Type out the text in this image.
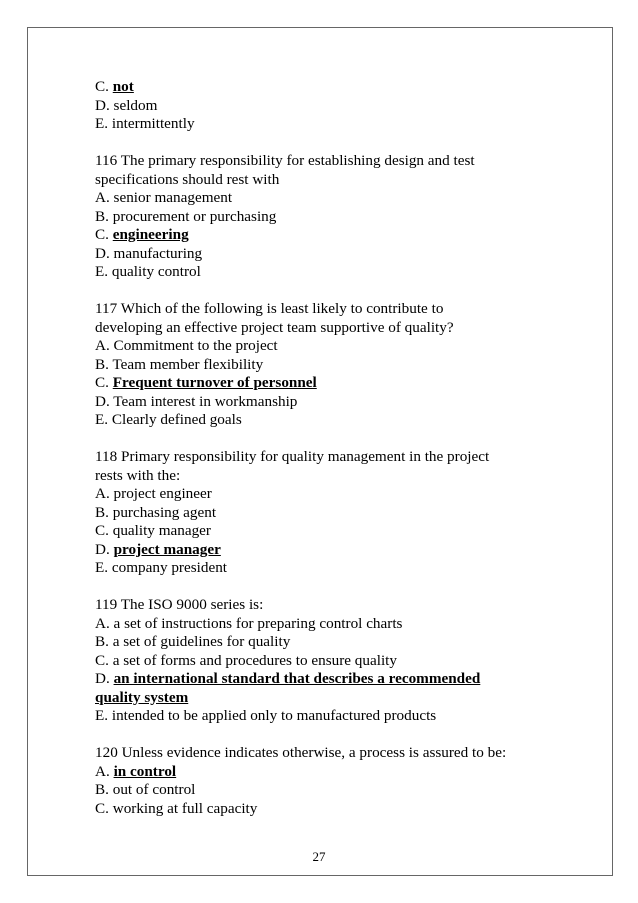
C. not
D. seldom
E. intermittently
116 The primary responsibility for establishing design and test
specifications should rest with
A. senior management
B. procurement or purchasing
C. engineering
D. manufacturing
E. quality control
117 Which of the following is least likely to contribute to
developing an effective project team supportive of quality?
A. Commitment to the project
B. Team member flexibility
C. Frequent turnover of personnel
D. Team interest in workmanship
E. Clearly defined goals
118 Primary responsibility for quality management in the project
rests with the:
A. project engineer
B. purchasing agent
C. quality manager
D. project manager
E. company president
119 The ISO 9000 series is:
A. a set of instructions for preparing control charts
B. a set of guidelines for quality
C. a set of forms and procedures to ensure quality
D. an international standard that describes a recommended
quality system
E. intended to be applied only to manufactured products
120 Unless evidence indicates otherwise, a process is assured to be:
A. in control
B. out of control
C. working at full capacity
27
